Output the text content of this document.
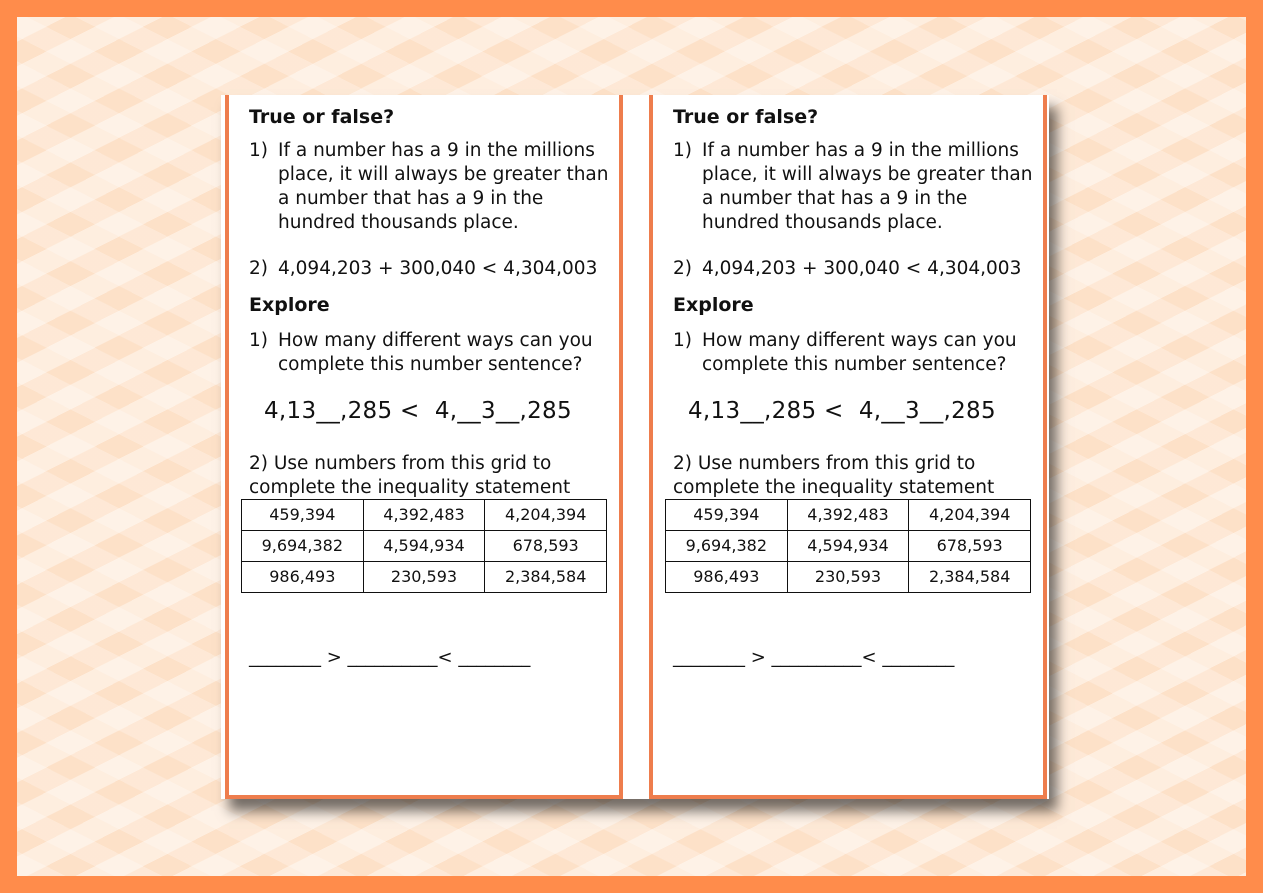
True or false?
1) If a number has a 9 in the millions place, it will always be greater than a number that has a 9 in the hundred thousands place.
2) 4,094,203 + 300,040 < 4,304,003
Explore
1) How many different ways can you complete this number sentence?
4,13__,285 <  4,__3__,285
2) Use numbers from this grid to complete the inequality statement
459,394	4,392,483	4,204,394
9,694,382	4,594,934	678,593
986,493	230,593	2,384,584
________ > __________< ________
True or false?
1) If a number has a 9 in the millions place, it will always be greater than a number that has a 9 in the hundred thousands place.
2) 4,094,203 + 300,040 < 4,304,003
Explore
1) How many different ways can you complete this number sentence?
4,13__,285 <  4,__3__,285
2) Use numbers from this grid to complete the inequality statement
459,394	4,392,483	4,204,394
9,694,382	4,594,934	678,593
986,493	230,593	2,384,584
________ > __________< ________
